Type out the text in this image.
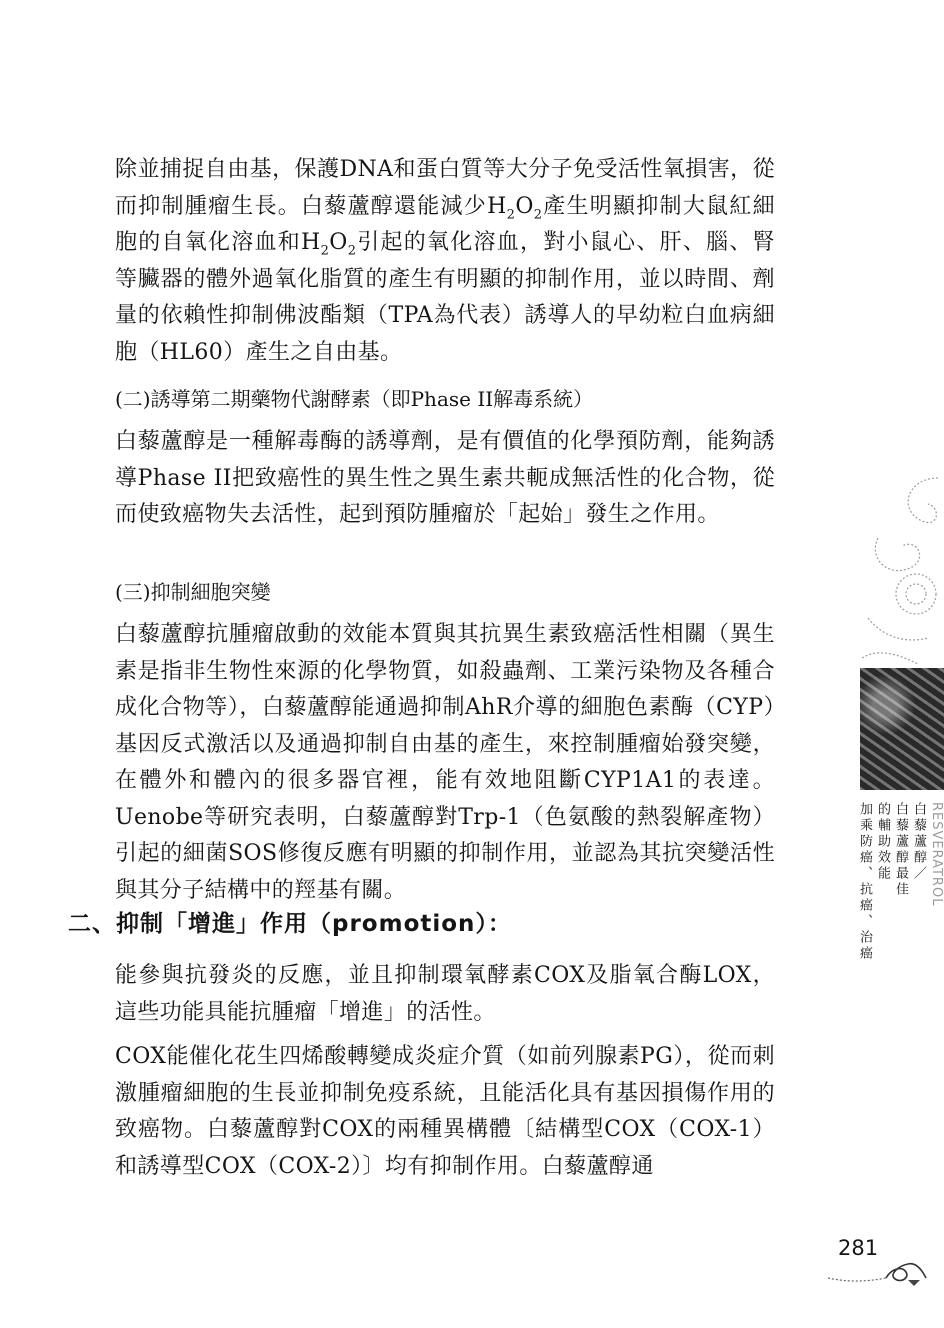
除並捕捉自由基，保護DNA和蛋白質等大分子免受活性氧損害，從而抑制腫瘤生長。白藜蘆醇還能減少$H_2O_2$產生明顯抑制大鼠紅細胞的自氧化溶血和$H_2O_2$引起的氧化溶血，對小鼠心、肝、腦、腎等臟器的體外過氧化脂質的產生有明顯的抑制作用，並以時間、劑量的依賴性抑制佛波酯類（TPA為代表）誘導人的早幼粒白血病細胞（HL60）產生之自由基。

(二)誘導第二期藥物代謝酵素（即Phase II解毒系統）

白藜蘆醇是一種解毒酶的誘導劑，是有價值的化學預防劑，能夠誘導Phase II把致癌性的異生性之異生素共軛成無活性的化合物，從而使致癌物失去活性，起到預防腫瘤於「起始」發生之作用。

(三)抑制細胞突變

白藜蘆醇抗腫瘤啟動的效能本質與其抗異生素致癌活性相關（異生素是指非生物性來源的化學物質，如殺蟲劑、工業污染物及各種合成化合物等），白藜蘆醇能通過抑制AhR介導的細胞色素酶（CYP）基因反式激活以及通過抑制自由基的產生，來控制腫瘤始發突變，在體外和體內的很多器官裡，能有效地阻斷CYP1A1的表達。Uenobe等研究表明，白藜蘆醇對Trp-1（色氨酸的熱裂解產物）引起的細菌SOS修復反應有明顯的抑制作用，並認為其抗突變活性與其分子結構中的羥基有關。

二、抑制「增進」作用（promotion）：

能參與抗發炎的反應，並且抑制環氧酵素COX及脂氧合酶LOX，這些功能具能抗腫瘤「增進」的活性。

COX能催化花生四烯酸轉變成炎症介質（如前列腺素PG），從而刺激腫瘤細胞的生長並抑制免疫系統，且能活化具有基因損傷作用的致癌物。白藜蘆醇對COX的兩種異構體〔結構型COX（COX-1）和誘導型COX（COX-2）〕均有抑制作用。白藜蘆醇通

RESVERATROL

白藜蘆醇／

白藜蘆醇最佳

的輔助效能

加乘防癌、抗癌、治癌

281
